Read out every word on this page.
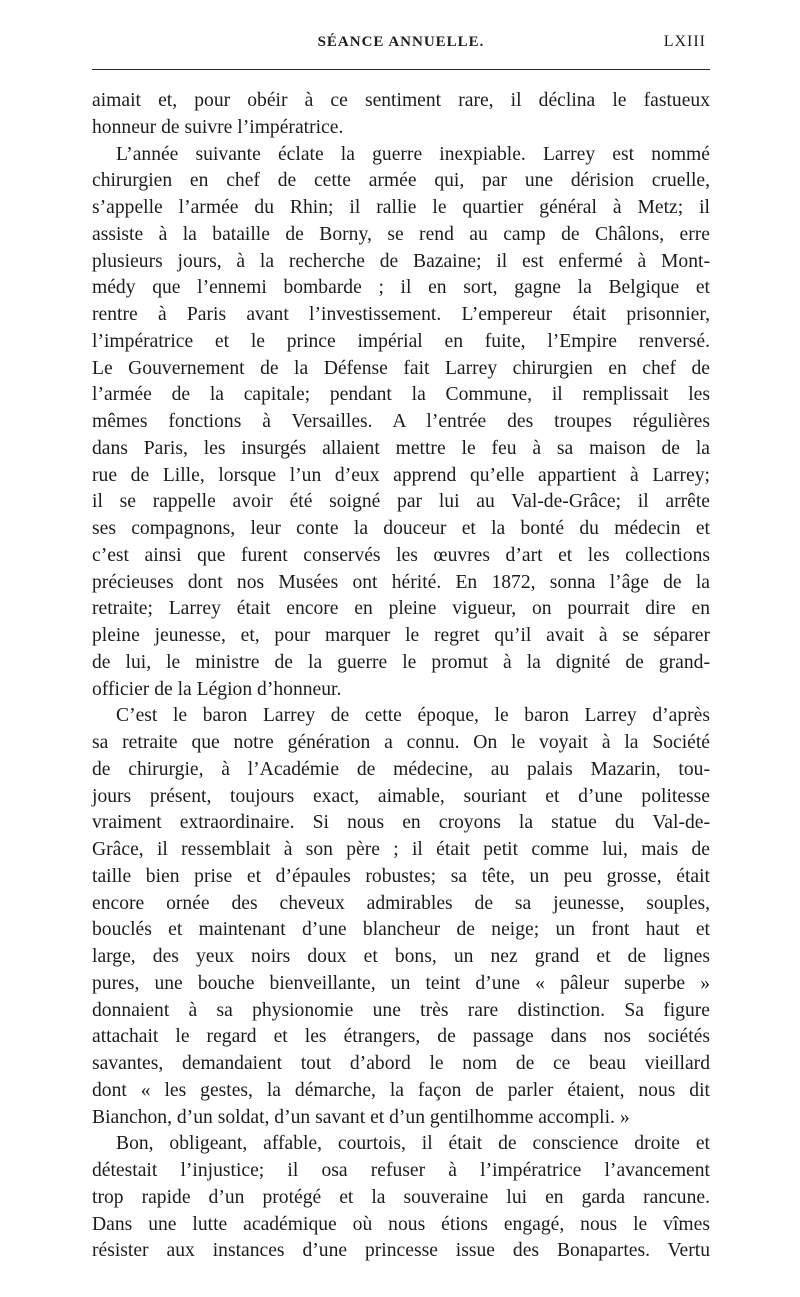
SÉANCE ANNUELLE.	LXIII
aimait et, pour obéir à ce sentiment rare, il déclina le fastueux
honneur de suivre l’impératrice.
L’année suivante éclate la guerre inexpiable. Larrey est nommé
chirurgien en chef de cette armée qui, par une dérision cruelle,
s’appelle l’armée du Rhin; il rallie le quartier général à Metz; il
assiste à la bataille de Borny, se rend au camp de Châlons, erre
plusieurs jours, à la recherche de Bazaine; il est enfermé à Mont-
médy que l’ennemi bombarde ; il en sort, gagne la Belgique et
rentre à Paris avant l’investissement. L’empereur était prisonnier,
l’impératrice et le prince impérial en fuite, l’Empire renversé.
Le Gouvernement de la Défense fait Larrey chirurgien en chef de
l’armée de la capitale; pendant la Commune, il remplissait les
mêmes fonctions à Versailles. A l’entrée des troupes régulières
dans Paris, les insurgés allaient mettre le feu à sa maison de la
rue de Lille, lorsque l’un d’eux apprend qu’elle appartient à Larrey;
il se rappelle avoir été soigné par lui au Val-de-Grâce; il arrête
ses compagnons, leur conte la douceur et la bonté du médecin et
c’est ainsi que furent conservés les œuvres d’art et les collections
précieuses dont nos Musées ont hérité. En 1872, sonna l’âge de la
retraite; Larrey était encore en pleine vigueur, on pourrait dire en
pleine jeunesse, et, pour marquer le regret qu’il avait à se séparer
de lui, le ministre de la guerre le promut à la dignité de grand-
officier de la Légion d’honneur.
C’est le baron Larrey de cette époque, le baron Larrey d’après
sa retraite que notre génération a connu. On le voyait à la Société
de chirurgie, à l’Académie de médecine, au palais Mazarin, tou-
jours présent, toujours exact, aimable, souriant et d’une politesse
vraiment extraordinaire. Si nous en croyons la statue du Val-de-
Grâce, il ressemblait à son père ; il était petit comme lui, mais de
taille bien prise et d’épaules robustes; sa tête, un peu grosse, était
encore ornée des cheveux admirables de sa jeunesse, souples,
bouclés et maintenant d’une blancheur de neige; un front haut et
large, des yeux noirs doux et bons, un nez grand et de lignes
pures, une bouche bienveillante, un teint d’une « pâleur superbe »
donnaient à sa physionomie une très rare distinction. Sa figure
attachait le regard et les étrangers, de passage dans nos sociétés
savantes, demandaient tout d’abord le nom de ce beau vieillard
dont « les gestes, la démarche, la façon de parler étaient, nous dit
Bianchon, d’un soldat, d’un savant et d’un gentilhomme accompli. »
Bon, obligeant, affable, courtois, il était de conscience droite et
détestait l’injustice; il osa refuser à l’impératrice l’avancement
trop rapide d’un protégé et la souveraine lui en garda rancune.
Dans une lutte académique où nous étions engagé, nous le vîmes
résister aux instances d’une princesse issue des Bonapartes. Vertu
